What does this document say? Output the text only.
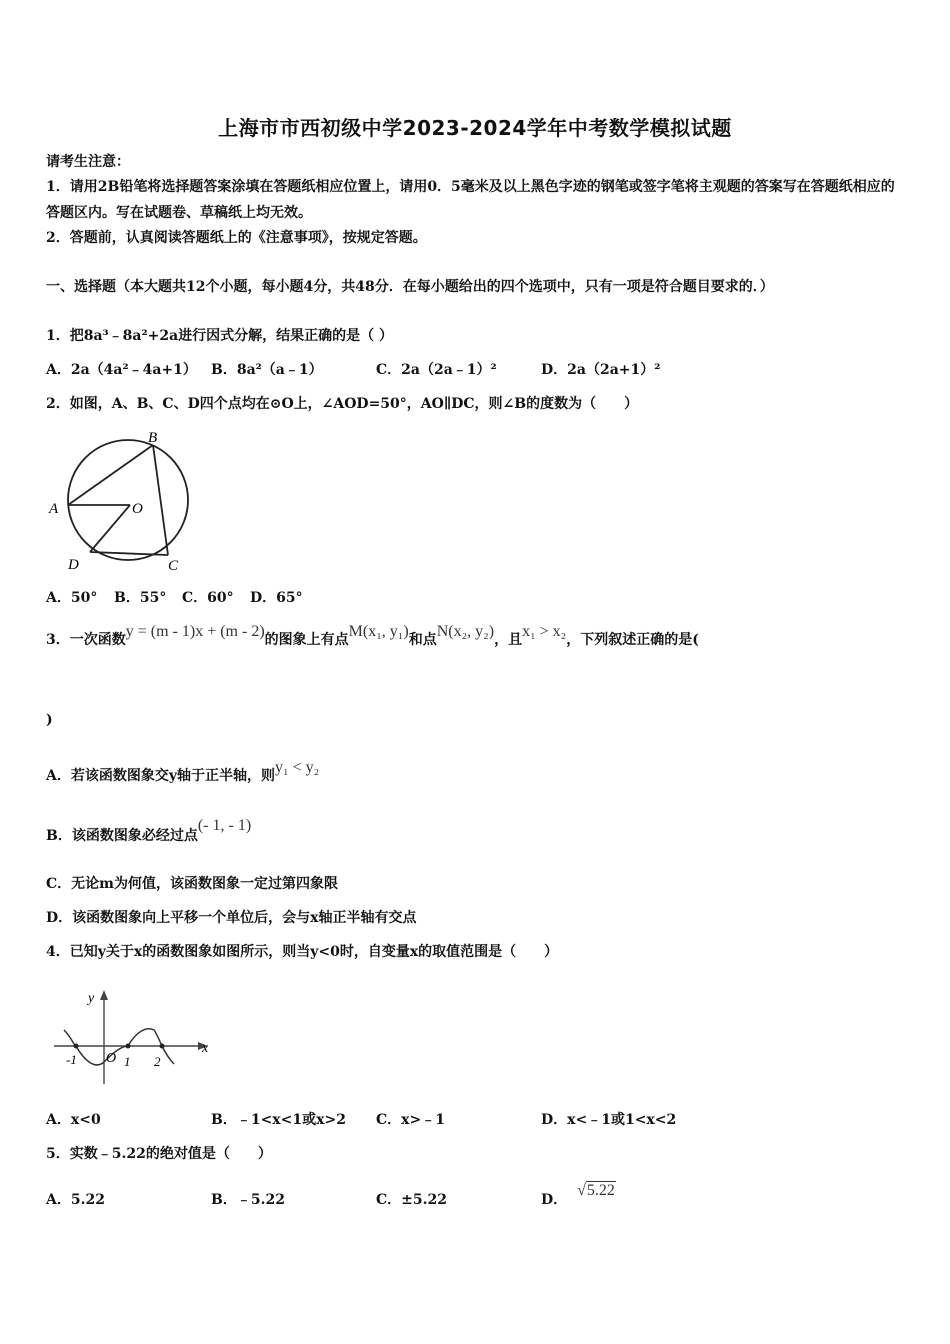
上海市市西初级中学2023-2024学年中考数学模拟试题
请考生注意：
1．请用2B铅笔将选择题答案涂填在答题纸相应位置上，请用0．5毫米及以上黑色字迹的钢笔或签字笔将主观题的答案写在答题纸相应的答题区内。写在试题卷、草稿纸上均无效。
2．答题前，认真阅读答题纸上的《注意事项》，按规定答题。
一、选择题（本大题共12个小题，每小题4分，共48分．在每小题给出的四个选项中，只有一项是符合题目要求的．）
1．把8a³﹣8a²+2a进行因式分解，结果正确的是（ ）
A．2a（4a²﹣4a+1） B．8a²（a﹣1）	C．2a（2a﹣1）²	D．2a（2a+1）²
2．如图，A、B、C、D四个点均在⊙O上，∠AOD=50°，AO∥DC，则∠B的度数为（　　）
A
B
C
D
O
A．50° B．55° C．60° D．65°
3．一次函数y = (m - 1)x + (m - 2)的图象上有点M(x₁, y₁)和点N(x₂, y₂)，且x₁ > x₂，下列叙述正确的是(
)
A．若该函数图象交y轴于正半轴，则y₁ < y₂
B．该函数图象必经过点(- 1, - 1)
C．无论m为何值，该函数图象一定过第四象限
D．该函数图象向上平移一个单位后，会与x轴正半轴有交点
4．已知y关于x的函数图象如图所示，则当y<0时，自变量x的取值范围是（　　）
y
x
O
-1	1 2
A．x<0	B．﹣1<x<1或x>2 C．x>﹣1	D．x<﹣1或1<x<2
5．实数﹣5.22的绝对值是（　　）
A．5.22	B．﹣5.22	C．±5.22	D．√5.22
